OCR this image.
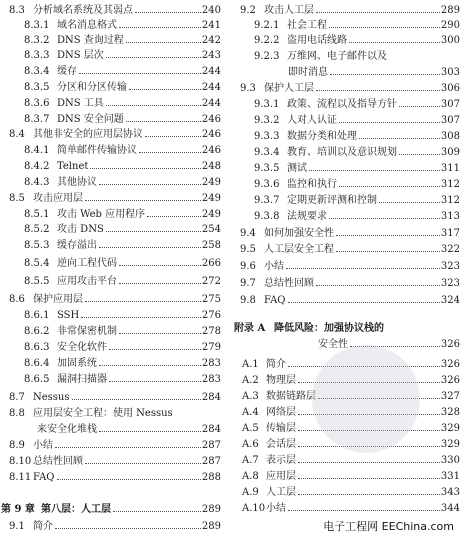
8.3 分析域名系统及其弱点	240
8.3.1 域名消息格式	241
8.3.2 DNS 查询过程	242
8.3.3 DNS 层次	243
8.3.4 缓存	244
8.3.5 分区和分区传输	244
8.3.6 DNS 工具	244
8.3.7 DNS 安全问题	246
8.4 其他非安全的应用层协议	246
8.4.1 简单邮件传输协议	246
8.4.2 Telnet	248
8.4.3 其他协议	249
8.5 攻击应用层	249
8.5.1 攻击 Web 应用程序	249
8.5.2 攻击 DNS	254
8.5.3 缓存溢出	258
8.5.4 逆向工程代码	266
8.5.5 应用攻击平台	272
8.6 保护应用层	275
8.6.1 SSH	276
8.6.2 非常保密机制	278
8.6.3 安全化软件	279
8.6.4 加固系统	283
8.6.5 漏洞扫描器	283
8.7 Nessus	284
8.8 应用层安全工程：使用 Nessus
来安全化堆栈	284
8.9 小结	287
8.10 总结性回顾	287
8.11 FAQ	288
第 9 章 第八层：人工层	289
9.1 简介	289
9.2 攻击人工层	289
9.2.1 社会工程	290
9.2.2 盗用电话线路	300
9.2.3 万维网、电子邮件以及
即时消息	303
9.3 保护人工层	306
9.3.1 政策、流程以及指导方针	307
9.3.2 人对人认证	307
9.3.3 数据分类和处理	308
9.3.4 教育、培训以及意识规划	309
9.3.5 测试	311
9.3.6 监控和执行	312
9.3.7 定期更新评测和控制	312
9.3.8 法规要求	313
9.4 如何加强安全性	317
9.5 人工层安全工程	322
9.6 小结	323
9.7 总结性回顾	323
9.8 FAQ	324
附录 A 降低风险：加强协议栈的
安全性	326
A.1 简介	326
A.2 物理层	326
A.3 数据链路层	327
A.4 网络层	328
A.5 传输层	329
A.6 会话层	329
A.7 表示层	330
A.8 应用层	331
A.9 人工层	343
A.10 小结	344
电子工程网 EEChina.com
